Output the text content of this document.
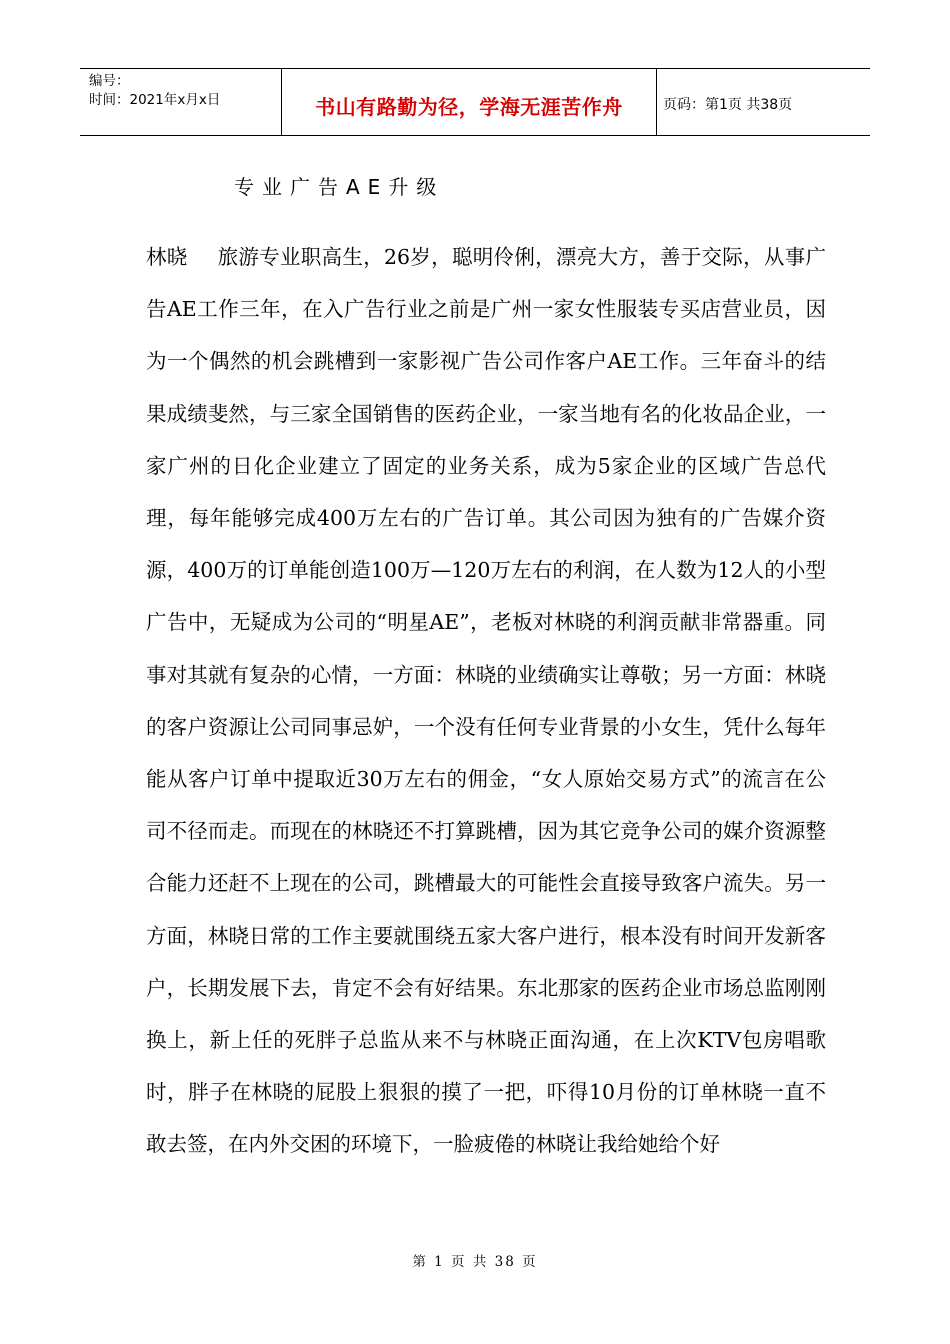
编号：
时间：2021年x月x日	书山有路勤为径，学海无涯苦作舟	页码：第1页 共38页
专业广告AE升级

林晓 旅游专业职高生，26岁，聪明伶俐，漂亮大方，善于交际，从事广告AE工作三年，在入广告行业之前是广州一家女性服装专买店营业员，因为一个偶然的机会跳槽到一家影视广告公司作客户AE工作。三年奋斗的结果成绩斐然，与三家全国销售的医药企业，一家当地有名的化妆品企业，一家广州的日化企业建立了固定的业务关系，成为5家企业的区域广告总代理，每年能够完成400万左右的广告订单。其公司因为独有的广告媒介资源，400万的订单能创造100万—120万左右的利润，在人数为12人的小型广告中，无疑成为公司的“明星AE”，老板对林晓的利润贡献非常器重。同事对其就有复杂的心情，一方面：林晓的业绩确实让尊敬；另一方面：林晓的客户资源让公司同事忌妒，一个没有任何专业背景的小女生，凭什么每年能从客户订单中提取近30万左右的佣金，“女人原始交易方式”的流言在公司不径而走。而现在的林晓还不打算跳槽，因为其它竞争公司的媒介资源整合能力还赶不上现在的公司，跳槽最大的可能性会直接导致客户流失。另一方面，林晓日常的工作主要就围绕五家大客户进行，根本没有时间开发新客户，长期发展下去，肯定不会有好结果。东北那家的医药企业市场总监刚刚换上，新上任的死胖子总监从来不与林晓正面沟通，在上次KTV包房唱歌时，胖子在林晓的屁股上狠狠的摸了一把，吓得10月份的订单林晓一直不敢去签，在内外交困的环境下，一脸疲倦的林晓让我给她给个好

第 1 页 共 38 页
